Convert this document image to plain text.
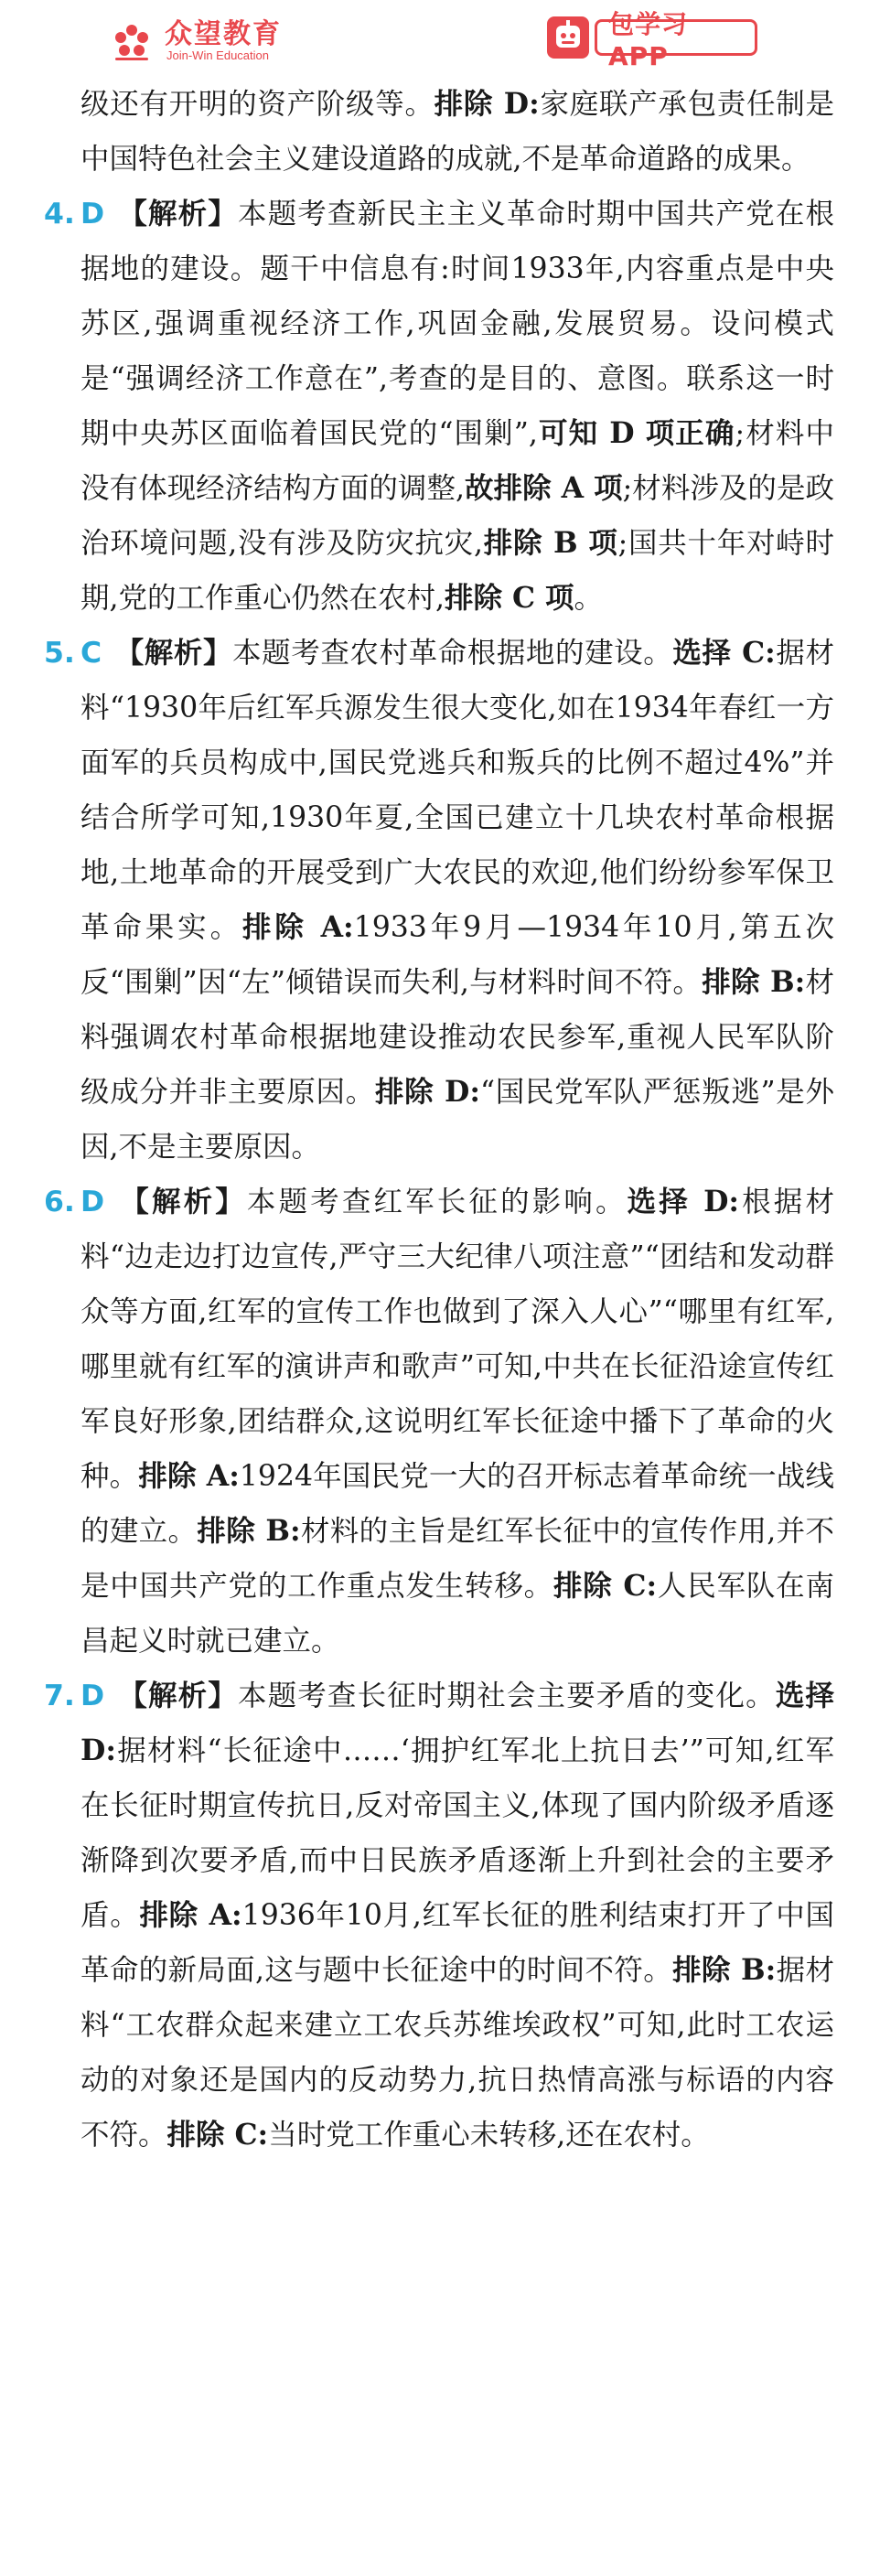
众望教育
Join-Win Education
包学习APP

级还有开明的资产阶级等。排除 D:家庭联产承包责任制是中国特色社会主义建设道路的成就,不是革命道路的成果。

4. D 【解析】本题考查新民主主义革命时期中国共产党在根据地的建设。题干中信息有:时间1933年,内容重点是中央苏区,强调重视经济工作,巩固金融,发展贸易。设问模式是“强调经济工作意在”,考查的是目的、意图。联系这一时期中央苏区面临着国民党的“围剿”,可知 D 项正确;材料中没有体现经济结构方面的调整,故排除 A 项;材料涉及的是政治环境问题,没有涉及防灾抗灾,排除 B 项;国共十年对峙时期,党的工作重心仍然在农村,排除 C 项。

5. C 【解析】本题考查农村革命根据地的建设。选择 C:据材料“1930年后红军兵源发生很大变化,如在1934年春红一方面军的兵员构成中,国民党逃兵和叛兵的比例不超过4%”并结合所学可知,1930年夏,全国已建立十几块农村革命根据地,土地革命的开展受到广大农民的欢迎,他们纷纷参军保卫革命果实。排除 A:1933年9月—1934年10月,第五次反“围剿”因“左”倾错误而失利,与材料时间不符。排除 B:材料强调农村革命根据地建设推动农民参军,重视人民军队阶级成分并非主要原因。排除 D:“国民党军队严惩叛逃”是外因,不是主要原因。

6. D 【解析】本题考查红军长征的影响。选择 D:根据材料“边走边打边宣传,严守三大纪律八项注意”“团结和发动群众等方面,红军的宣传工作也做到了深入人心”“哪里有红军,哪里就有红军的演讲声和歌声”可知,中共在长征沿途宣传红军良好形象,团结群众,这说明红军长征途中播下了革命的火种。排除 A:1924年国民党一大的召开标志着革命统一战线的建立。排除 B:材料的主旨是红军长征中的宣传作用,并不是中国共产党的工作重点发生转移。排除 C:人民军队在南昌起义时就已建立。

7. D 【解析】本题考查长征时期社会主要矛盾的变化。选择 D:据材料“长征途中……‘拥护红军北上抗日去’”可知,红军在长征时期宣传抗日,反对帝国主义,体现了国内阶级矛盾逐渐降到次要矛盾,而中日民族矛盾逐渐上升到社会的主要矛盾。排除 A:1936年10月,红军长征的胜利结束打开了中国革命的新局面,这与题中长征途中的时间不符。排除 B:据材料“工农群众起来建立工农兵苏维埃政权”可知,此时工农运动的对象还是国内的反动势力,抗日热情高涨与标语的内容不符。排除 C:当时党工作重心未转移,还在农村。
